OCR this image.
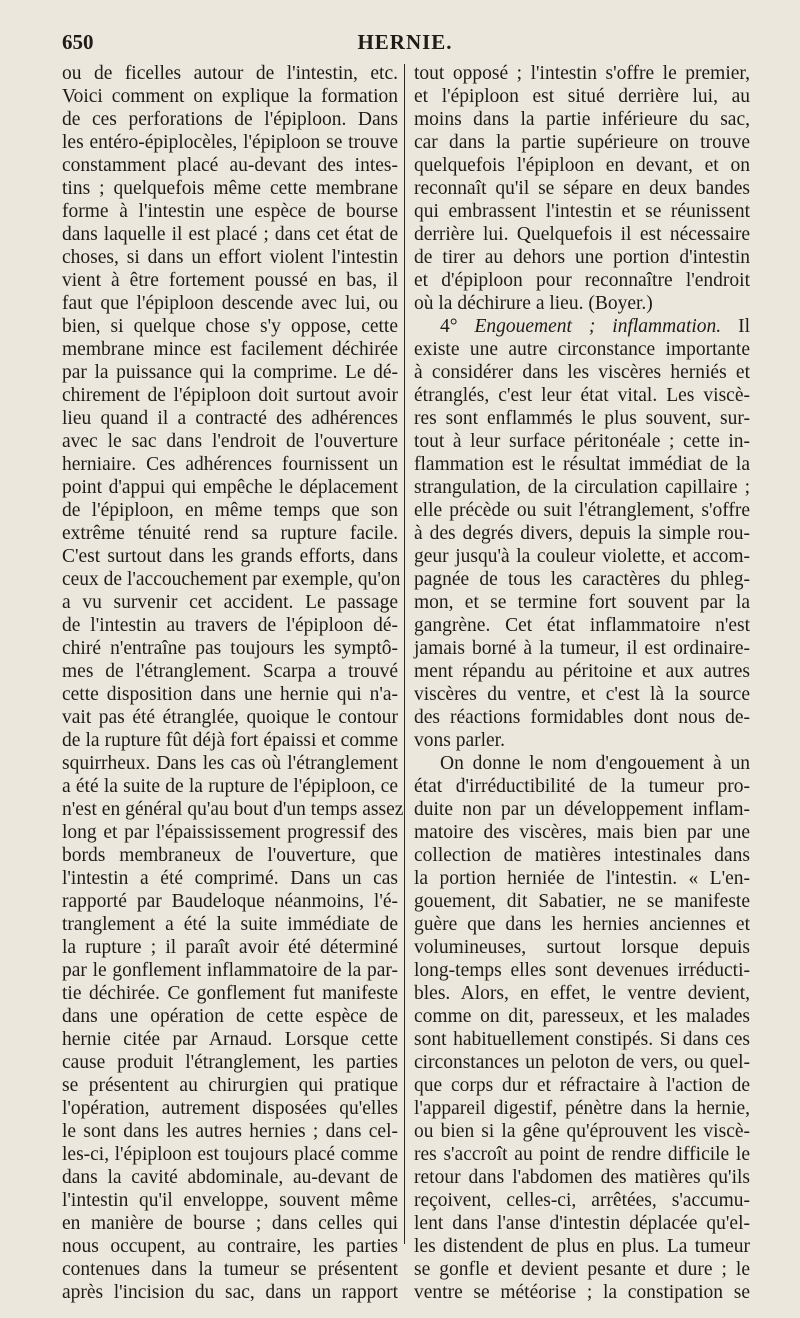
650	HERNIE.
ou de ficelles autour de l'intestin, etc.
Voici comment on explique la formation
de ces perforations de l'épiploon. Dans
les entéro-épiplocèles, l'épiploon se trouve
constamment placé au-devant des intes-
tins ; quelquefois même cette membrane
forme à l'intestin une espèce de bourse
dans laquelle il est placé ; dans cet état de
choses, si dans un effort violent l'intestin
vient à être fortement poussé en bas, il
faut que l'épiploon descende avec lui, ou
bien, si quelque chose s'y oppose, cette
membrane mince est facilement déchirée
par la puissance qui la comprime. Le dé-
chirement de l'épiploon doit surtout avoir
lieu quand il a contracté des adhérences
avec le sac dans l'endroit de l'ouverture
herniaire. Ces adhérences fournissent un
point d'appui qui empêche le déplacement
de l'épiploon, en même temps que son
extrême ténuité rend sa rupture facile.
C'est surtout dans les grands efforts, dans
ceux de l'accouchement par exemple, qu'on
a vu survenir cet accident. Le passage
de l'intestin au travers de l'épiploon dé-
chiré n'entraîne pas toujours les symptô-
mes de l'étranglement. Scarpa a trouvé
cette disposition dans une hernie qui n'a-
vait pas été étranglée, quoique le contour
de la rupture fût déjà fort épaissi et comme
squirrheux. Dans les cas où l'étranglement
a été la suite de la rupture de l'épiploon, ce
n'est en général qu'au bout d'un temps assez
long et par l'épaississement progressif des
bords membraneux de l'ouverture, que
l'intestin a été comprimé. Dans un cas
rapporté par Baudeloque néanmoins, l'é-
tranglement a été la suite immédiate de
la rupture ; il paraît avoir été déterminé
par le gonflement inflammatoire de la par-
tie déchirée. Ce gonflement fut manifeste
dans une opération de cette espèce de
hernie citée par Arnaud. Lorsque cette
cause produit l'étranglement, les parties
se présentent au chirurgien qui pratique
l'opération, autrement disposées qu'elles
le sont dans les autres hernies ; dans cel-
les-ci, l'épiploon est toujours placé comme
dans la cavité abdominale, au-devant de
l'intestin qu'il enveloppe, souvent même
en manière de bourse ; dans celles qui
nous occupent, au contraire, les parties
contenues dans la tumeur se présentent
après l'incision du sac, dans un rapport
tout opposé ; l'intestin s'offre le premier,
et l'épiploon est situé derrière lui, au
moins dans la partie inférieure du sac,
car dans la partie supérieure on trouve
quelquefois l'épiploon en devant, et on
reconnaît qu'il se sépare en deux bandes
qui embrassent l'intestin et se réunissent
derrière lui. Quelquefois il est nécessaire
de tirer au dehors une portion d'intestin
et d'épiploon pour reconnaître l'endroit
où la déchirure a lieu. (Boyer.)
4° Engouement ; inflammation. Il
existe une autre circonstance importante
à considérer dans les viscères herniés et
étranglés, c'est leur état vital. Les viscè-
res sont enflammés le plus souvent, sur-
tout à leur surface péritonéale ; cette in-
flammation est le résultat immédiat de la
strangulation, de la circulation capillaire ;
elle précède ou suit l'étranglement, s'offre
à des degrés divers, depuis la simple rou-
geur jusqu'à la couleur violette, et accom-
pagnée de tous les caractères du phleg-
mon, et se termine fort souvent par la
gangrène. Cet état inflammatoire n'est
jamais borné à la tumeur, il est ordinaire-
ment répandu au péritoine et aux autres
viscères du ventre, et c'est là la source
des réactions formidables dont nous de-
vons parler.
On donne le nom d'engouement à un
état d'irréductibilité de la tumeur pro-
duite non par un développement inflam-
matoire des viscères, mais bien par une
collection de matières intestinales dans
la portion herniée de l'intestin. « L'en-
gouement, dit Sabatier, ne se manifeste
guère que dans les hernies anciennes et
volumineuses, surtout lorsque depuis
long-temps elles sont devenues irréducti-
bles. Alors, en effet, le ventre devient,
comme on dit, paresseux, et les malades
sont habituellement constipés. Si dans ces
circonstances un peloton de vers, ou quel-
que corps dur et réfractaire à l'action de
l'appareil digestif, pénètre dans la hernie,
ou bien si la gêne qu'éprouvent les viscè-
res s'accroît au point de rendre difficile le
retour dans l'abdomen des matières qu'ils
reçoivent, celles-ci, arrêtées, s'accumu-
lent dans l'anse d'intestin déplacée qu'el-
les distendent de plus en plus. La tumeur
se gonfle et devient pesante et dure ; le
ventre se météorise ; la constipation se
